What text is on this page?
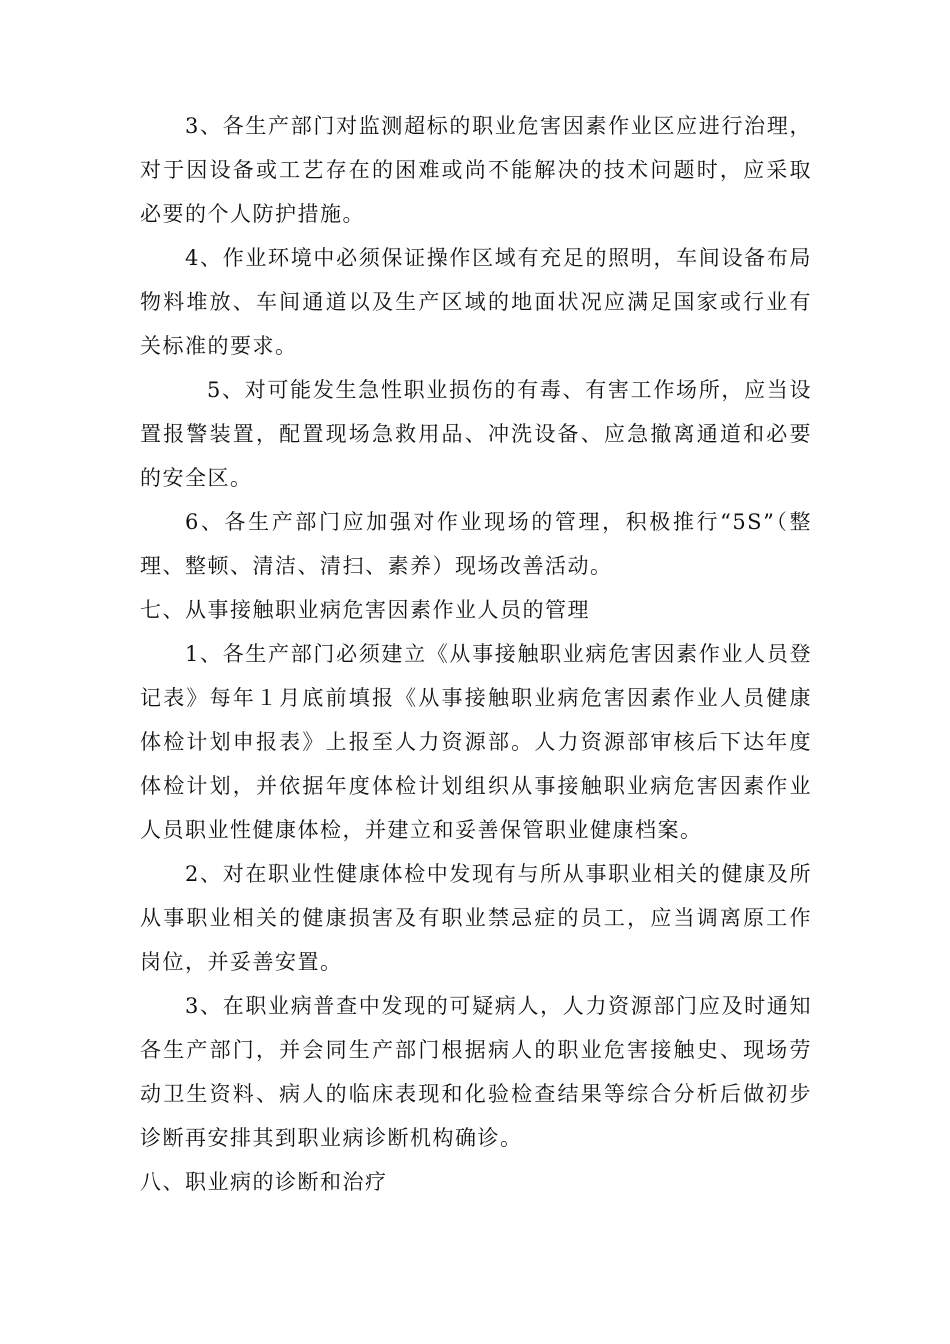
3、各生产部门对监测超标的职业危害因素作业区应进行治理，对于因设备或工艺存在的困难或尚不能解决的技术问题时，应采取必要的个人防护措施。

4、作业环境中必须保证操作区域有充足的照明，车间设备布局物料堆放、车间通道以及生产区域的地面状况应满足国家或行业有关标准的要求。

5、对可能发生急性职业损伤的有毒、有害工作场所，应当设置报警装置，配置现场急救用品、冲洗设备、应急撤离通道和必要的安全区。

6、各生产部门应加强对作业现场的管理，积极推行“5S”（整理、整顿、清洁、清扫、素养）现场改善活动。

七、从事接触职业病危害因素作业人员的管理

1、各生产部门必须建立《从事接触职业病危害因素作业人员登记表》每年１月底前填报《从事接触职业病危害因素作业人员健康体检计划申报表》上报至人力资源部。人力资源部审核后下达年度体检计划，并依据年度体检计划组织从事接触职业病危害因素作业人员职业性健康体检，并建立和妥善保管职业健康档案。

2、对在职业性健康体检中发现有与所从事职业相关的健康及所从事职业相关的健康损害及有职业禁忌症的员工，应当调离原工作岗位，并妥善安置。

3、在职业病普查中发现的可疑病人，人力资源部门应及时通知各生产部门，并会同生产部门根据病人的职业危害接触史、现场劳动卫生资料、病人的临床表现和化验检查结果等综合分析后做初步诊断再安排其到职业病诊断机构确诊。

八、职业病的诊断和治疗
